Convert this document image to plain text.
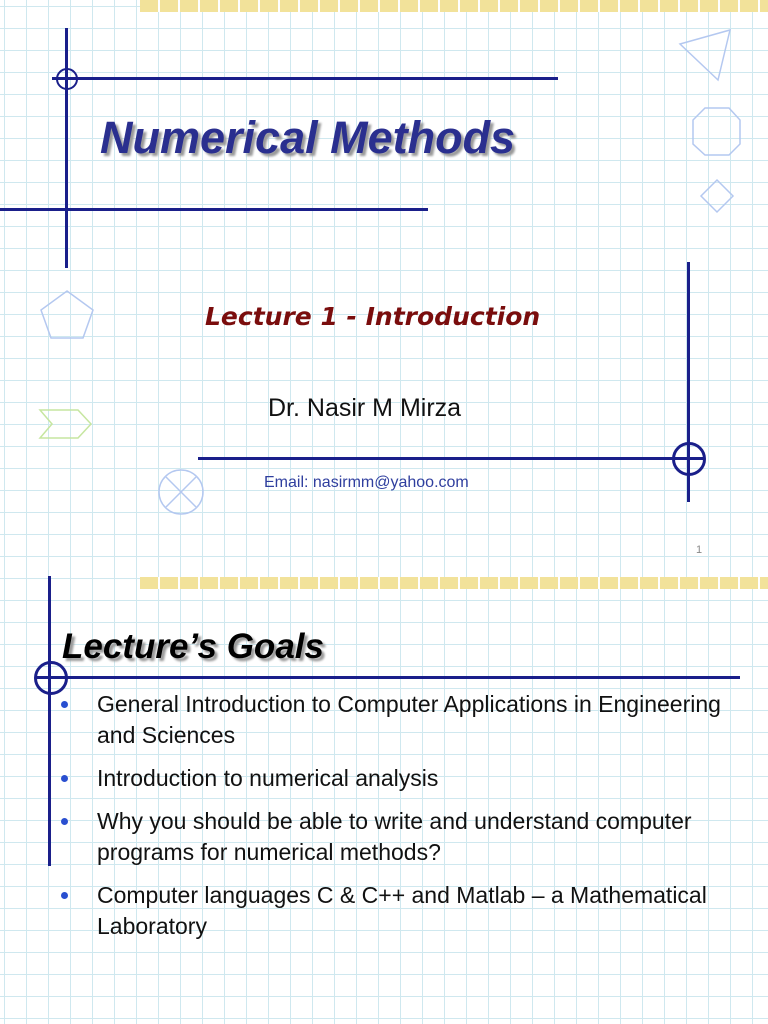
Numerical Methods
Lecture 1 - Introduction
Dr. Nasir M Mirza
Email: nasirmm@yahoo.com
1
Lecture’s Goals
General Introduction to Computer Applications in Engineering and Sciences
Introduction to numerical analysis
Why you should be able to write and understand computer programs for numerical methods?
Computer languages C & C++ and Matlab – a Mathematical Laboratory
